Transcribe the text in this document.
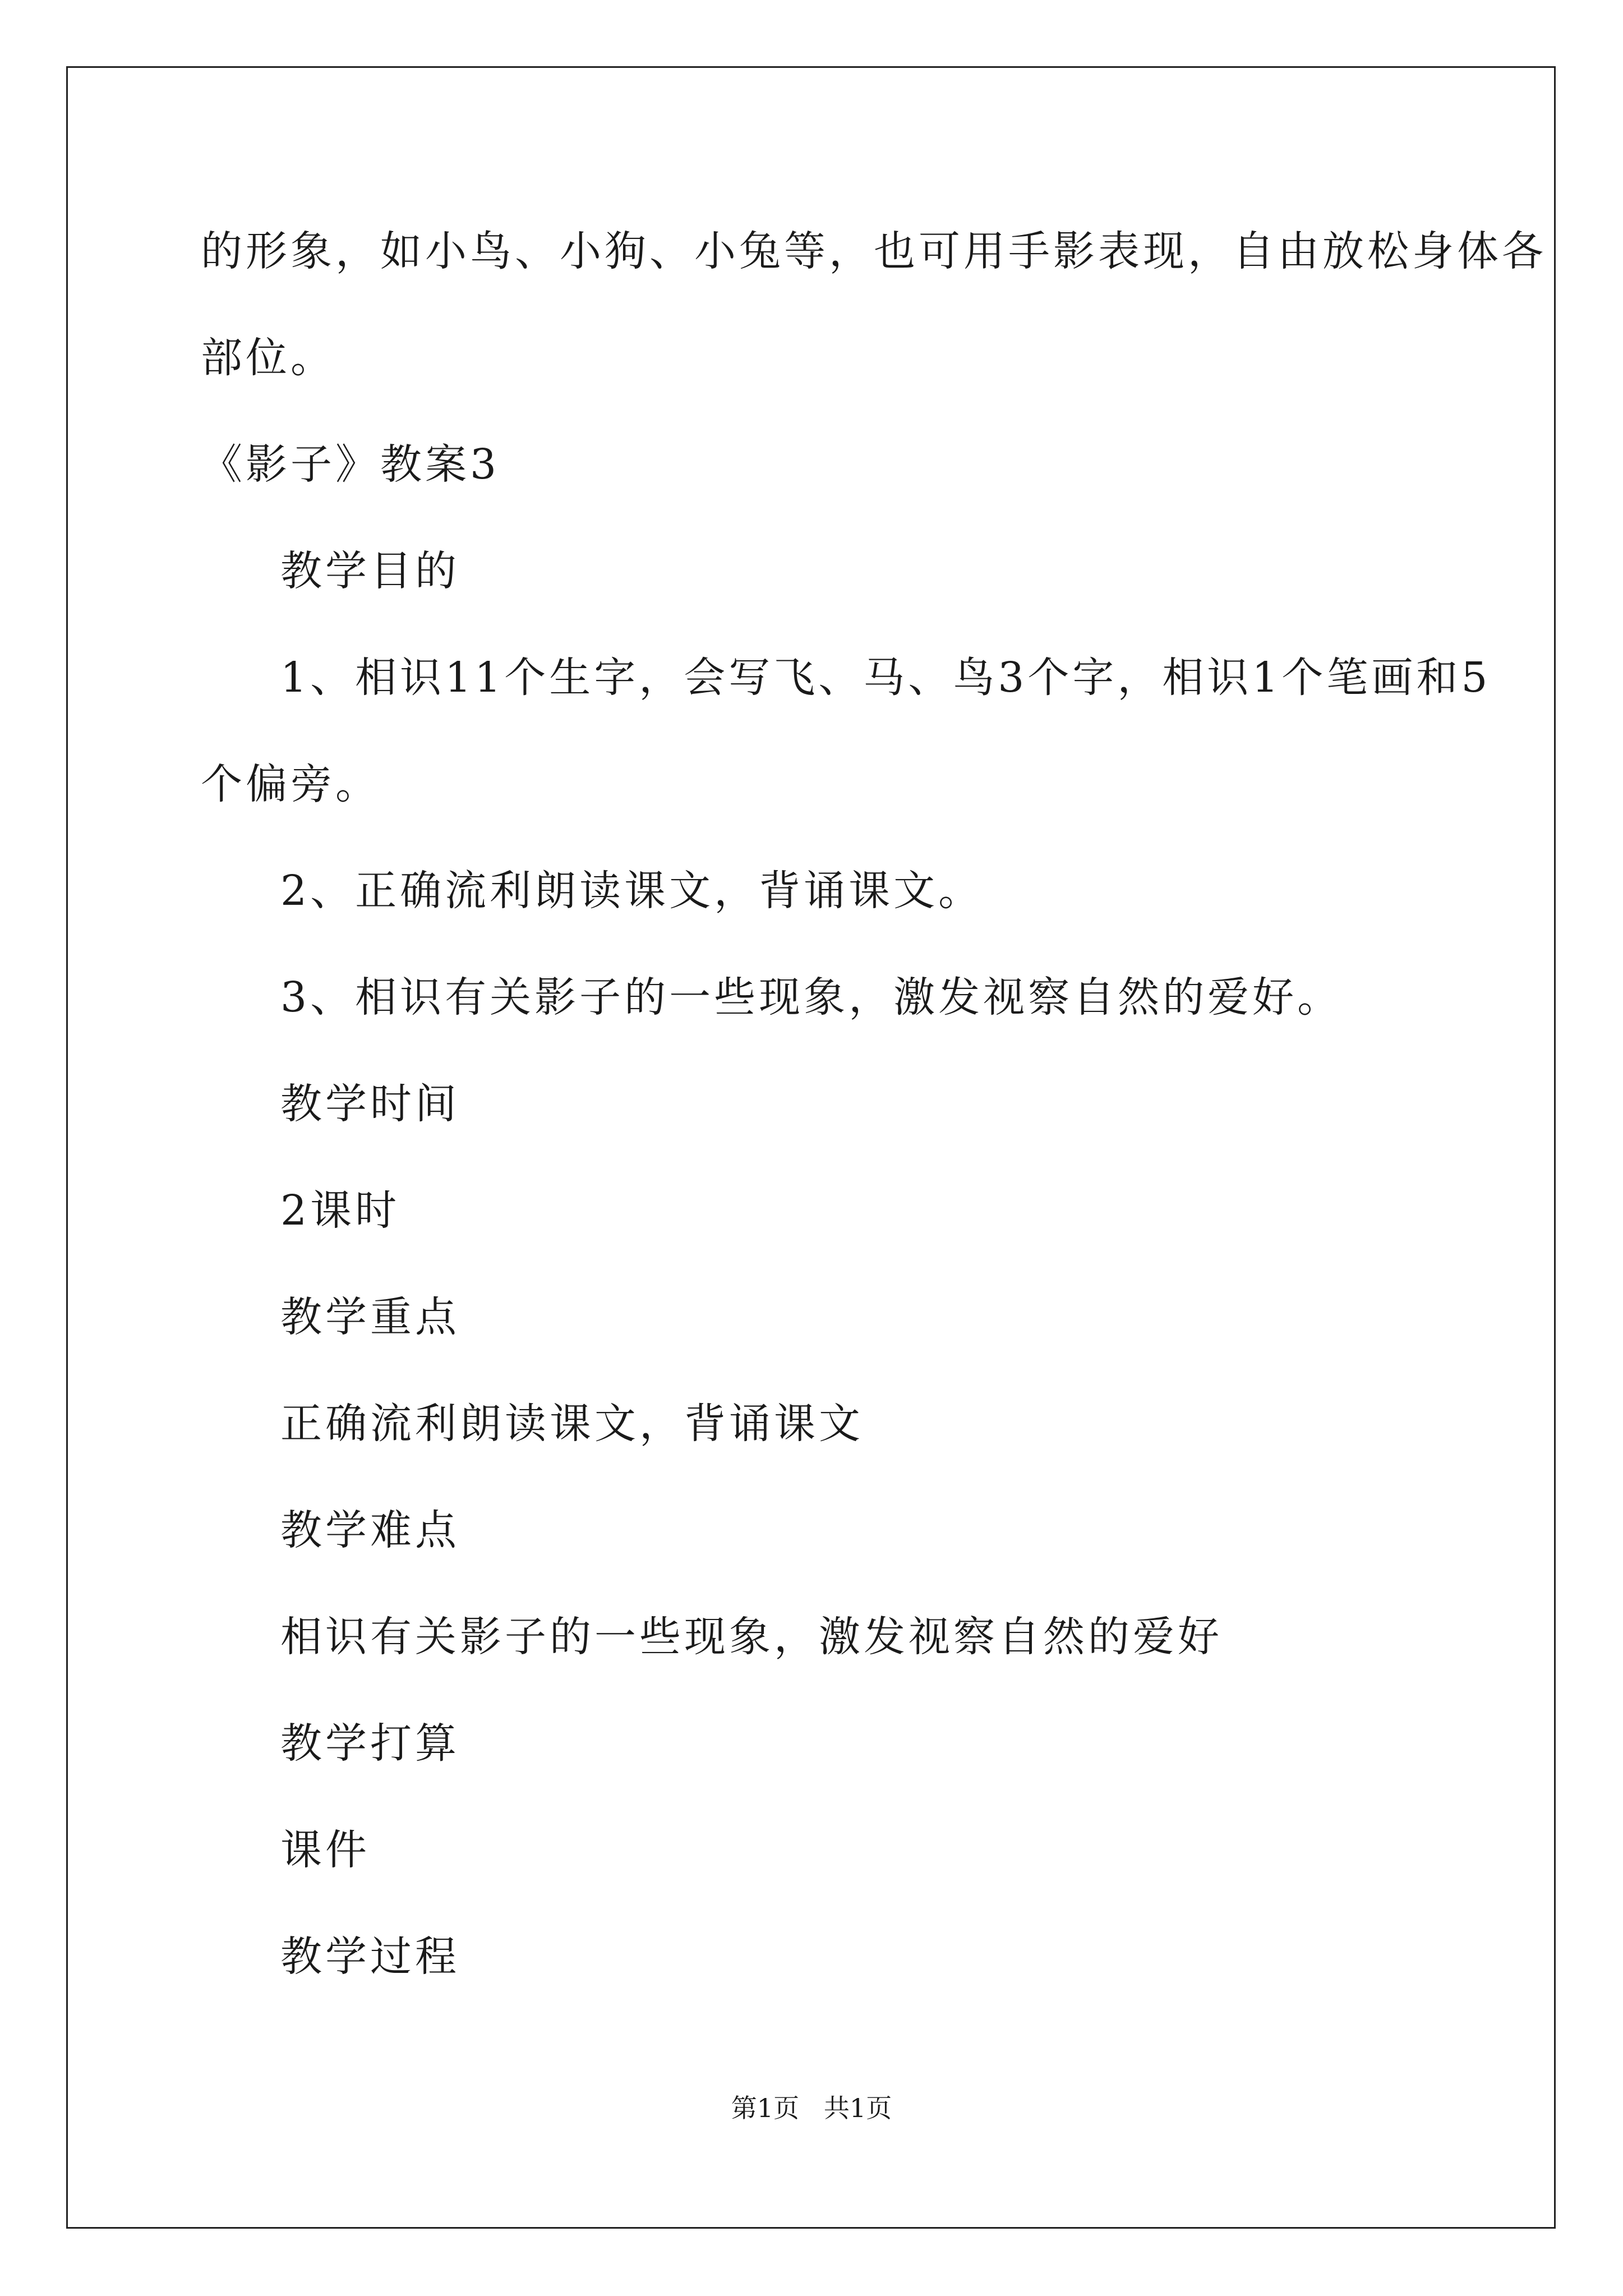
的形象，如小鸟、小狗、小兔等，也可用手影表现，自由放松身体各
部位。
《影子》教案3
教学目的
1、相识11个生字，会写飞、马、鸟3个字，相识1个笔画和5
个偏旁。
2、正确流利朗读课文，背诵课文。
3、相识有关影子的一些现象，激发视察自然的爱好。
教学时间
2课时
教学重点
正确流利朗读课文，背诵课文
教学难点
相识有关影子的一些现象，激发视察自然的爱好
教学打算
课件
教学过程
第1页   共1页
